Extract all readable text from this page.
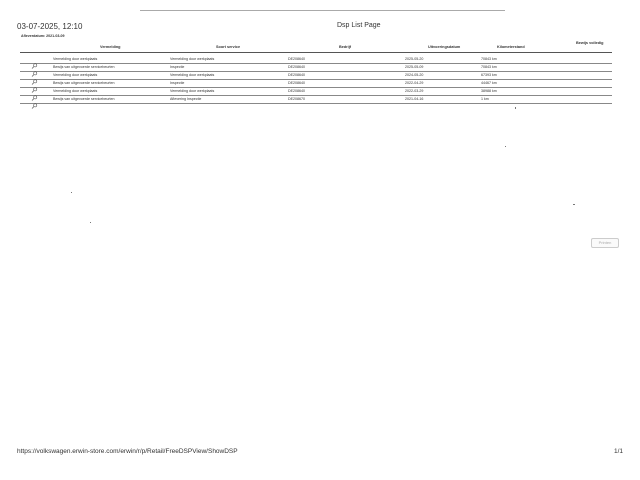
03-07-2025, 12:10	Dsp List Page
Afleverdatum: 2021-03-09
Vermelding	Soort service	Bedrijf	Uitvoeringsdatum	Kilometerstand
Bewijs volledig
Vermelding door werkplaats	Vermelding door werkplaats	DE208640	2025-05-20	70843 km
Bewijs van uitgevoerde servicebeurten	Inspectie	DE208640	2025-05-09	70843 km
Vermelding door werkplaats	Vermelding door werkplaats	DE208640	2024-05-20	67393 km
Bewijs van uitgevoerde servicebeurten	Inspectie	DE208640	2022-04-29	44467 km
Vermelding door werkplaats	Vermelding door werkplaats	DE208640	2022-03-29	38988 km
Bewijs van uitgevoerde servicebeurten	Aflevering Inspectie	DE208670	2021-04-16	1 km
Printen
https://volkswagen.erwin-store.com/erwin/r/p/Retail/FreeDSPView/ShowDSP	1/1
